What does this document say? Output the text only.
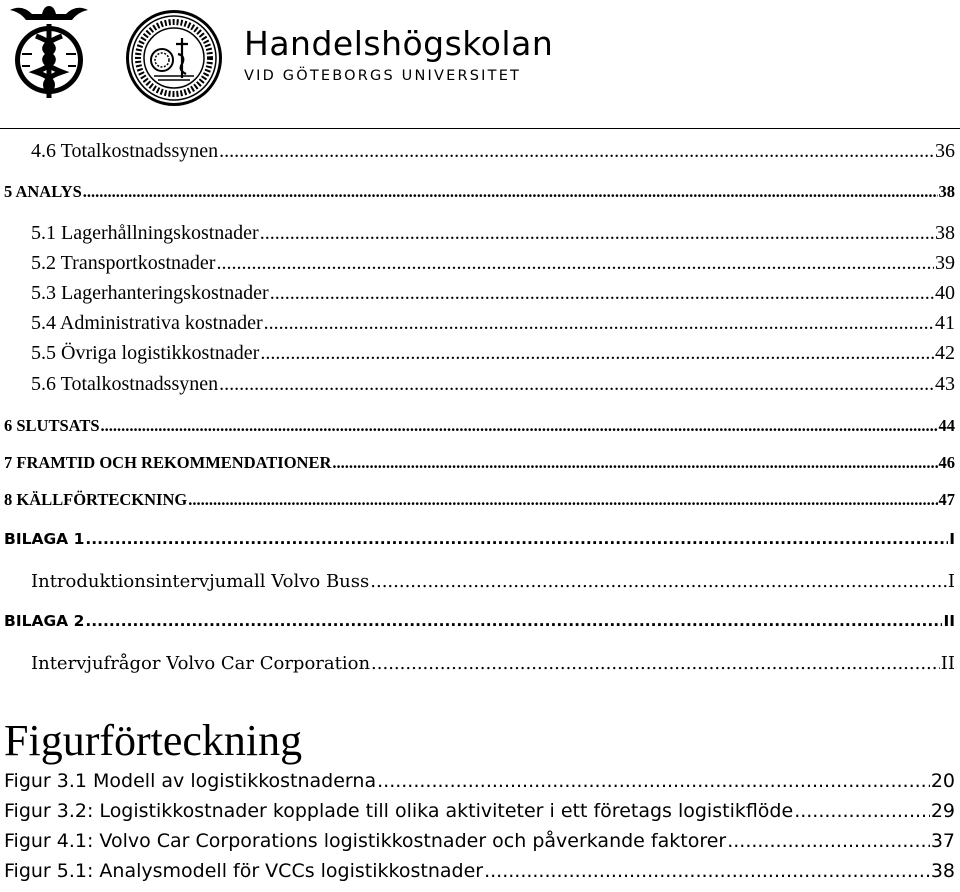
Handelshögskolan
VID GÖTEBORGS UNIVERSITET
4.6 Totalkostnadssynen .....	36
5 ANALYS .....	38
5.1 Lagerhållningskostnader .....	38
5.2 Transportkostnader .....	39
5.3 Lagerhanteringskostnader .....	40
5.4 Administrativa kostnader .....	41
5.5 Övriga logistikkostnader .....	42
5.6 Totalkostnadssynen .....	43
6 SLUTSATS .....	44
7 FRAMTID OCH REKOMMENDATIONER .....	46
8 KÄLLFÖRTECKNING .....	47
BILAGA 1 .....	I
Introduktionsintervjumall Volvo Buss .....	I
BILAGA 2 .....	II
Intervjufrågor Volvo Car Corporation .....	II
Figurförteckning
Figur 3.1 Modell av logistikkostnaderna .....	20
Figur 3.2: Logistikkostnader kopplade till olika aktiviteter i ett företags logistikflöde .....	29
Figur 4.1: Volvo Car Corporations logistikkostnader och påverkande faktorer .....	37
Figur 5.1: Analysmodell för VCCs logistikkostnader .....	38
